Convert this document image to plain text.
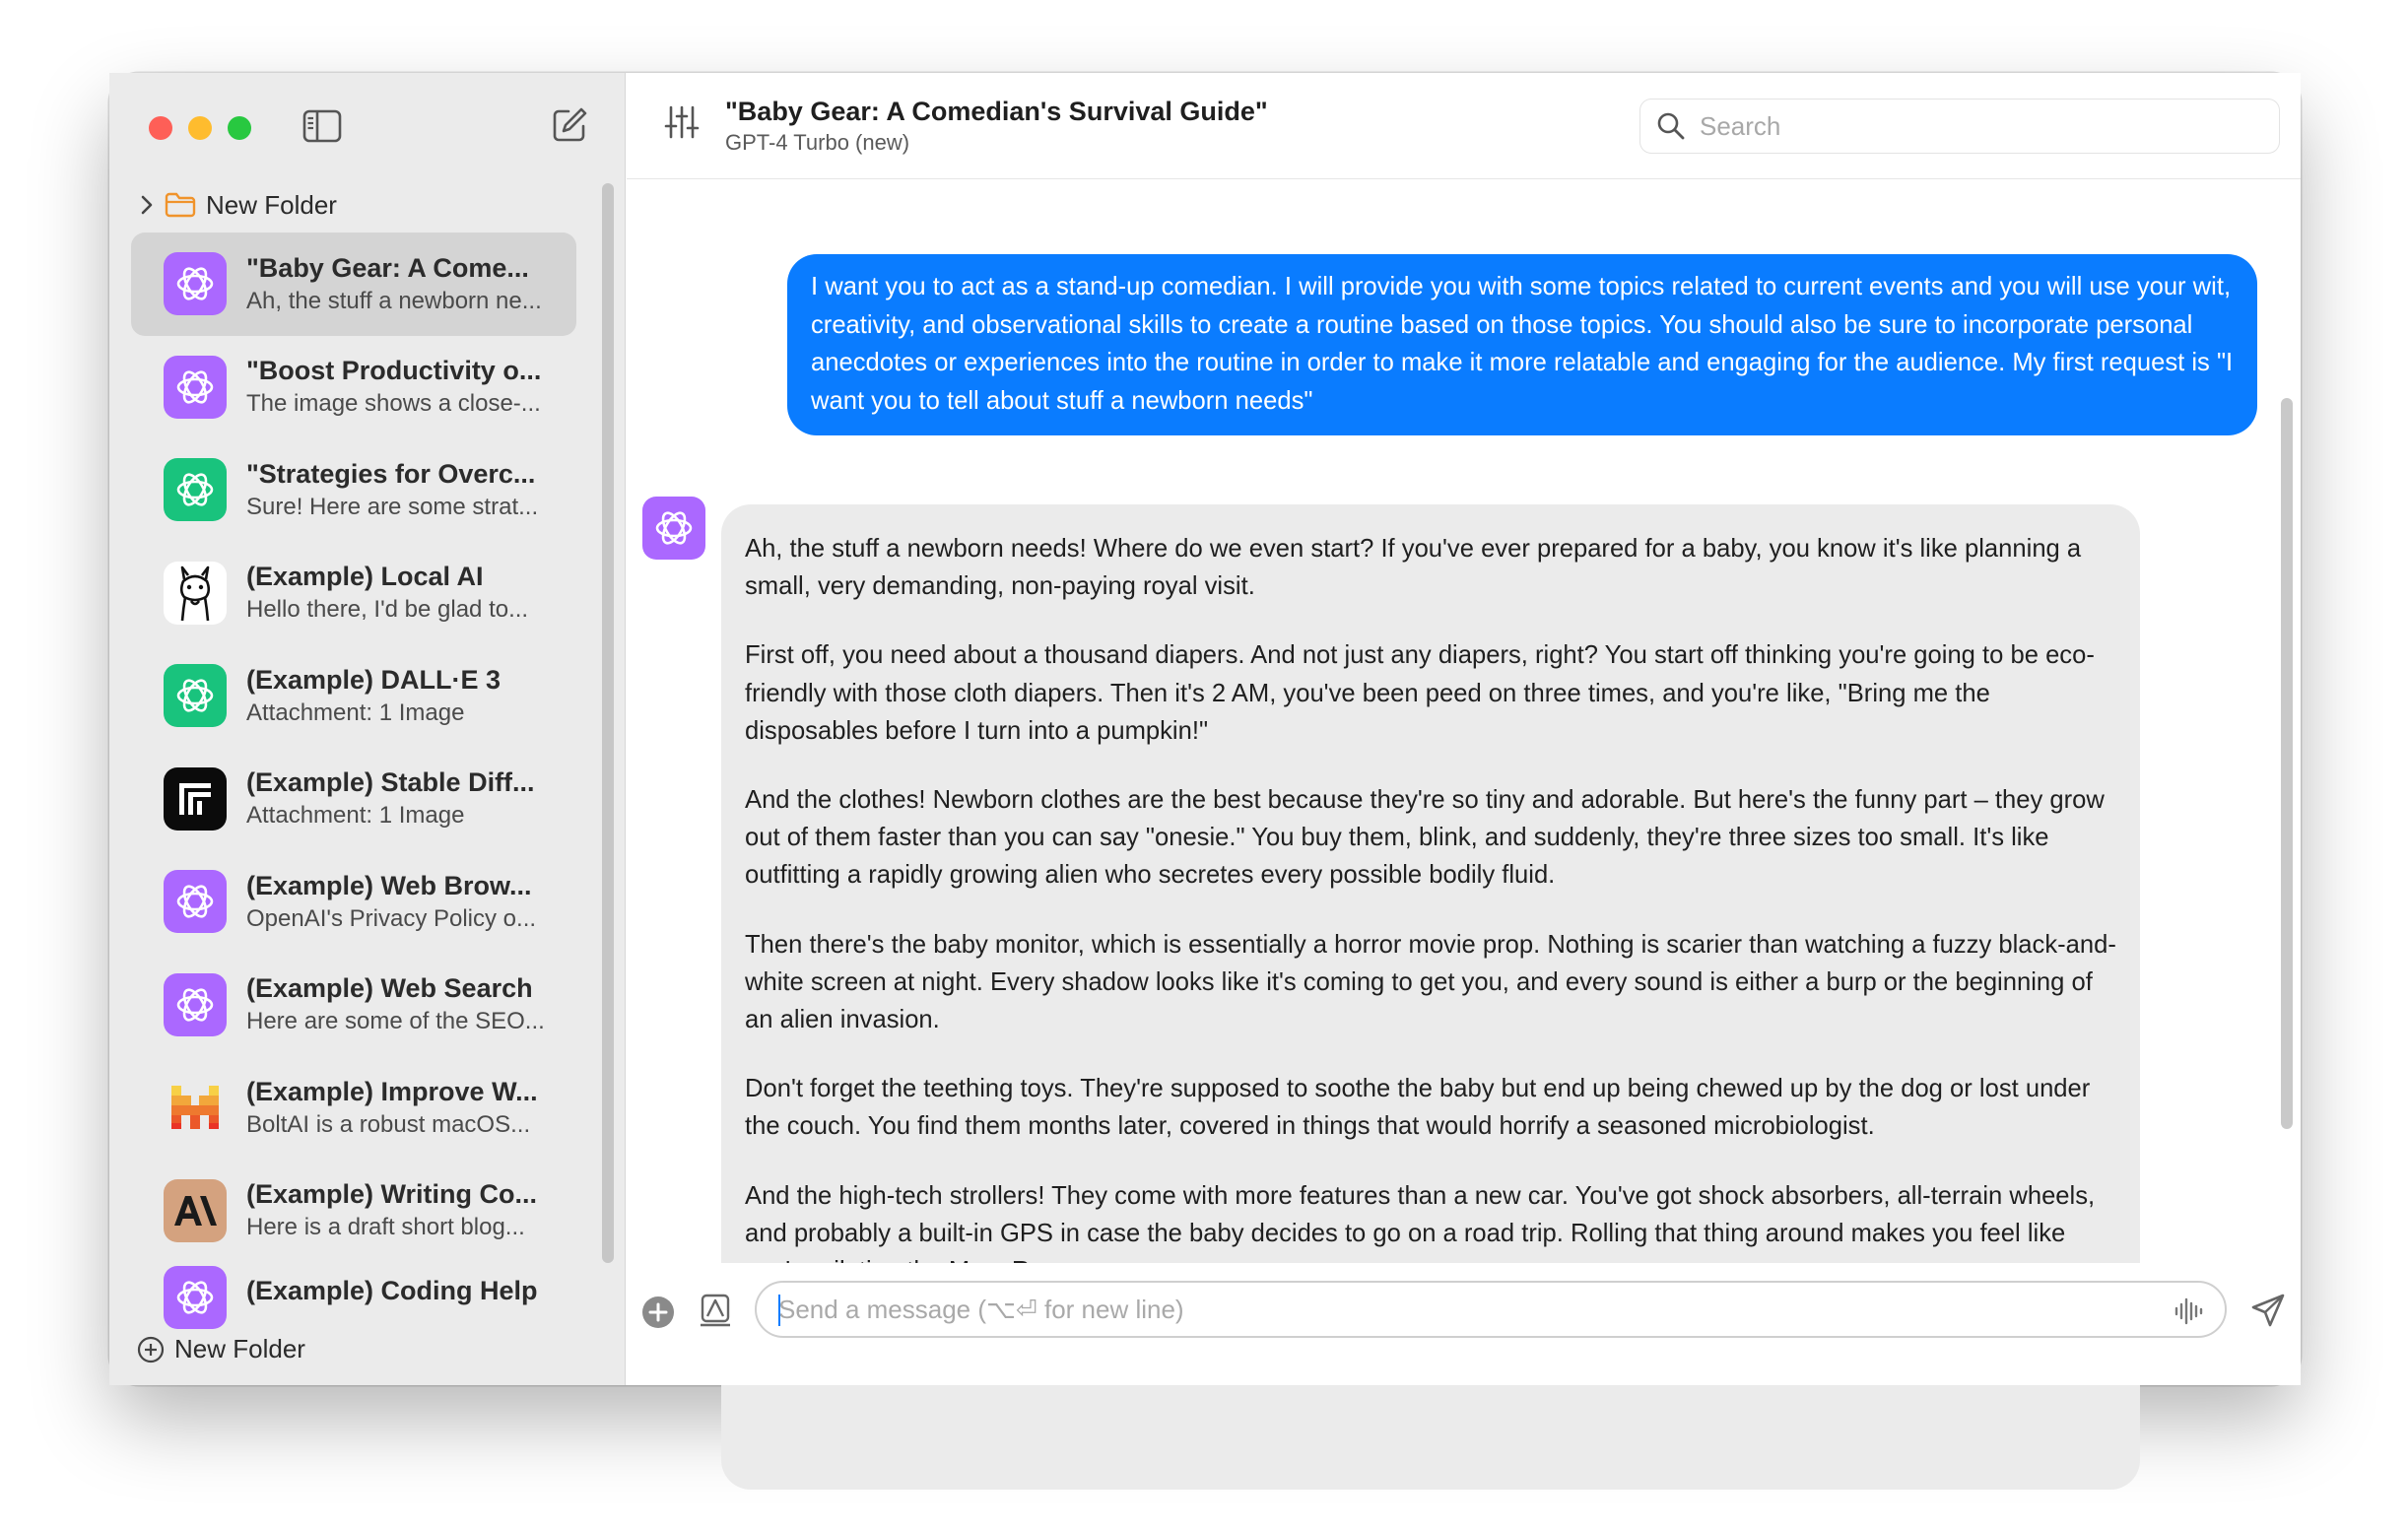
New Folder
"Baby Gear: A Come...
Ah, the stuff a newborn ne...
"Boost Productivity o...
The image shows a close-...
"Strategies for Overc...
Sure! Here are some strat...
(Example) Local AI
Hello there, I'd be glad to...
(Example) DALL·E 3
Attachment: 1 Image
(Example) Stable Diff...
Attachment: 1 Image
(Example) Web Brow...
OpenAI's Privacy Policy o...
(Example) Web Search
Here are some of the SEO...
(Example) Improve W...
BoltAI is a robust macOS...
(Example) Writing Co...
Here is a draft short blog...
(Example) Coding Help
New Folder
"Baby Gear: A Comedian's Survival Guide"
GPT-4 Turbo (new)
Search
I want you to act as a stand-up comedian. I will provide you with some topics related to current events and you will use your wit, creativity, and observational skills to create a routine based on those topics. You should also be sure to incorporate personal anecdotes or experiences into the routine in order to make it more relatable and engaging for the audience. My first request is "I want you to tell about stuff a newborn needs"

Ah, the stuff a newborn needs! Where do we even start? If you've ever prepared for a baby, you know it's like planning a small, very demanding, non-paying royal visit.

First off, you need about a thousand diapers. And not just any diapers, right? You start off thinking you're going to be eco-friendly with those cloth diapers. Then it's 2 AM, you've been peed on three times, and you're like, "Bring me the disposables before I turn into a pumpkin!"

And the clothes! Newborn clothes are the best because they're so tiny and adorable. But here's the funny part – they grow out of them faster than you can say "onesie." You buy them, blink, and suddenly, they're three sizes too small. It's like outfitting a rapidly growing alien who secretes every possible bodily fluid.

Then there's the baby monitor, which is essentially a horror movie prop. Nothing is scarier than watching a fuzzy black-and-white screen at night. Every shadow looks like it's coming to get you, and every sound is either a burp or the beginning of an alien invasion.

Don't forget the teething toys. They're supposed to soothe the baby but end up being chewed up by the dog or lost under the couch. You find them months later, covered in things that would horrify a seasoned microbiologist.

And the high-tech strollers! They come with more features than a new car. You've got shock absorbers, all-terrain wheels, and probably a built-in GPS in case the baby decides to go on a road trip. Rolling that thing around makes you feel like

Send a message (⌥⏎ for new line)
